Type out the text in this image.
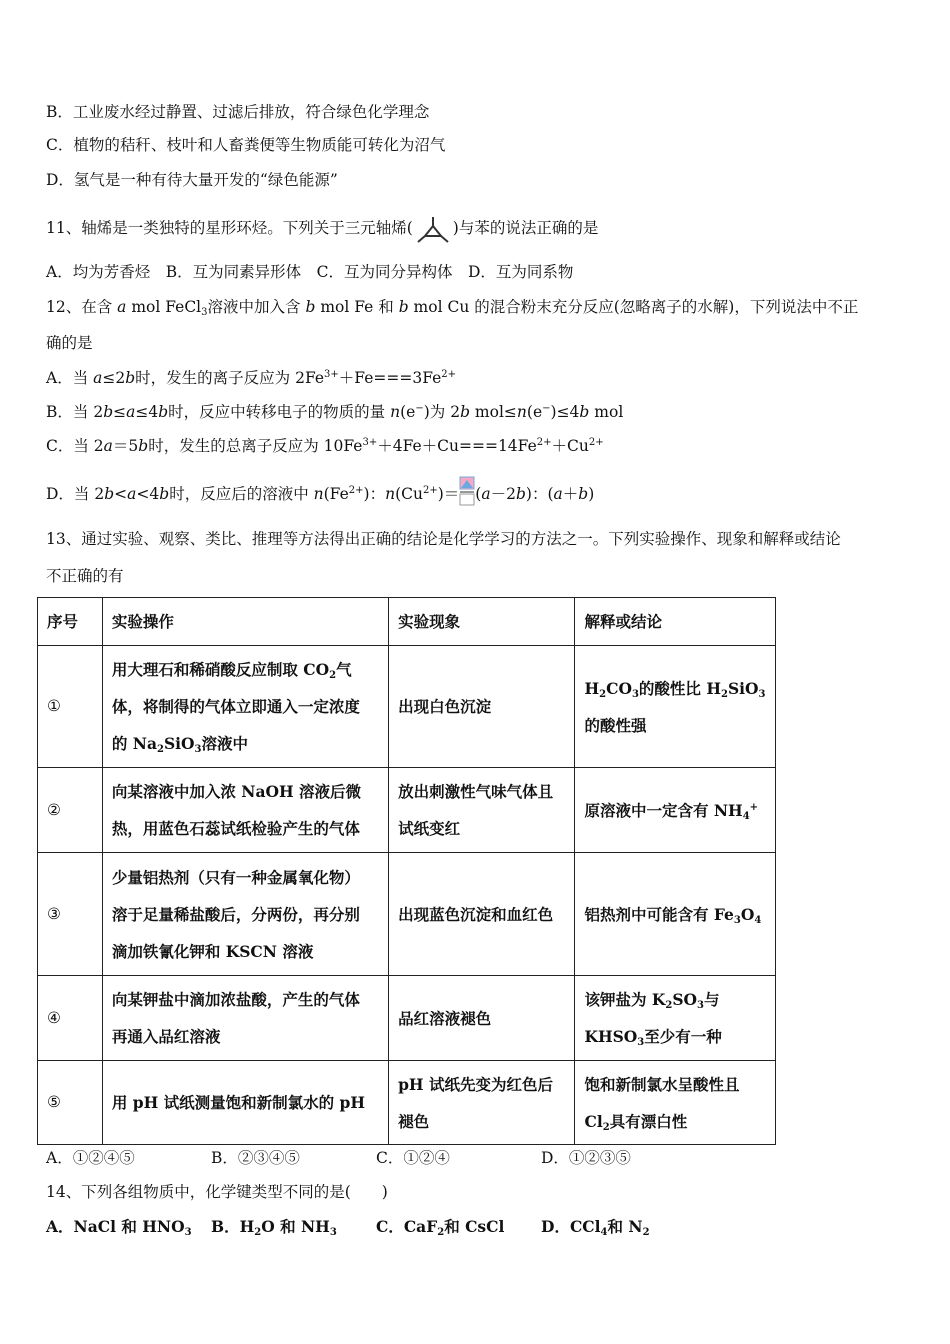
B．工业废水经过静置、过滤后排放，符合绿色化学理念
C．植物的秸秆、枝叶和人畜粪便等生物质能可转化为沼气
D．氢气是一种有待大量开发的“绿色能源”
11、轴烯是一类独特的星形环烃。下列关于三元轴烯(	)与苯的说法正确的是
A．均为芳香烃　B．互为同素异形体　C．互为同分异构体　D．互为同系物
12、在含 a mol FeCl$_3$溶液中加入含 b mol Fe 和 b mol Cu 的混合粉末充分反应(忽略离子的水解)，下列说法中不正
确的是
A．当 a≤2b时，发生的离子反应为 $2Fe^{3+}+Fe===3Fe^{2+}$
B．当 2b≤a≤4b时，反应中转移电子的物质的量 n(e−)为 2b mol≤n(e−)≤4b mol
C．当 2a＝5b时，发生的总离子反应为 $10Fe^{3+}+4Fe+Cu===14Fe^{2+}+Cu^{2+}$
D．当 2b<a<4b时，反应后的溶液中 $n(Fe^{2+})$：$n(Cu^{2+})= (a-2b)$：(a＋b)
13、通过实验、观察、类比、推理等方法得出正确的结论是化学学习的方法之一。下列实验操作、现象和解释或结论
不正确的有
序号	实验操作	实验现象	解释或结论
①	用大理石和稀硝酸反应制取 $CO_2$气
体，将制得的气体立即通入一定浓度
的 $Na_2SiO_3$溶液中	出现白色沉淀	$H_2CO_3$的酸性比 $H_2SiO_3$
的酸性强
②	向某溶液中加入浓 NaOH 溶液后微
热，用蓝色石蕊试纸检验产生的气体	放出刺激性气味气体且
试纸变红	原溶液中一定含有 $NH_4^+$
③	少量铝热剂（只有一种金属氧化物）
溶于足量稀盐酸后，分两份，再分别
滴加铁氰化钾和 KSCN 溶液	出现蓝色沉淀和血红色	铝热剂中可能含有 $Fe_3O_4$
④	向某钾盐中滴加浓盐酸，产生的气体
再通入品红溶液	品红溶液褪色	该钾盐为 $K_2SO_3$与
$KHSO_3$至少有一种
⑤	用 pH 试纸测量饱和新制氯水的 pH	pH 试纸先变为红色后
褪色	饱和新制氯水呈酸性且
$Cl_2$具有漂白性
A．①②④⑤	B．②③④⑤	C．①②④	D．①②③⑤
14、下列各组物质中，化学键类型不同的是(　　)
A．NaCl 和 $HNO_3$ B．$H_2O$ 和 $NH_3$	C．CaF$_2$和 CsCl D．CCl$_4$和 $N_2$
